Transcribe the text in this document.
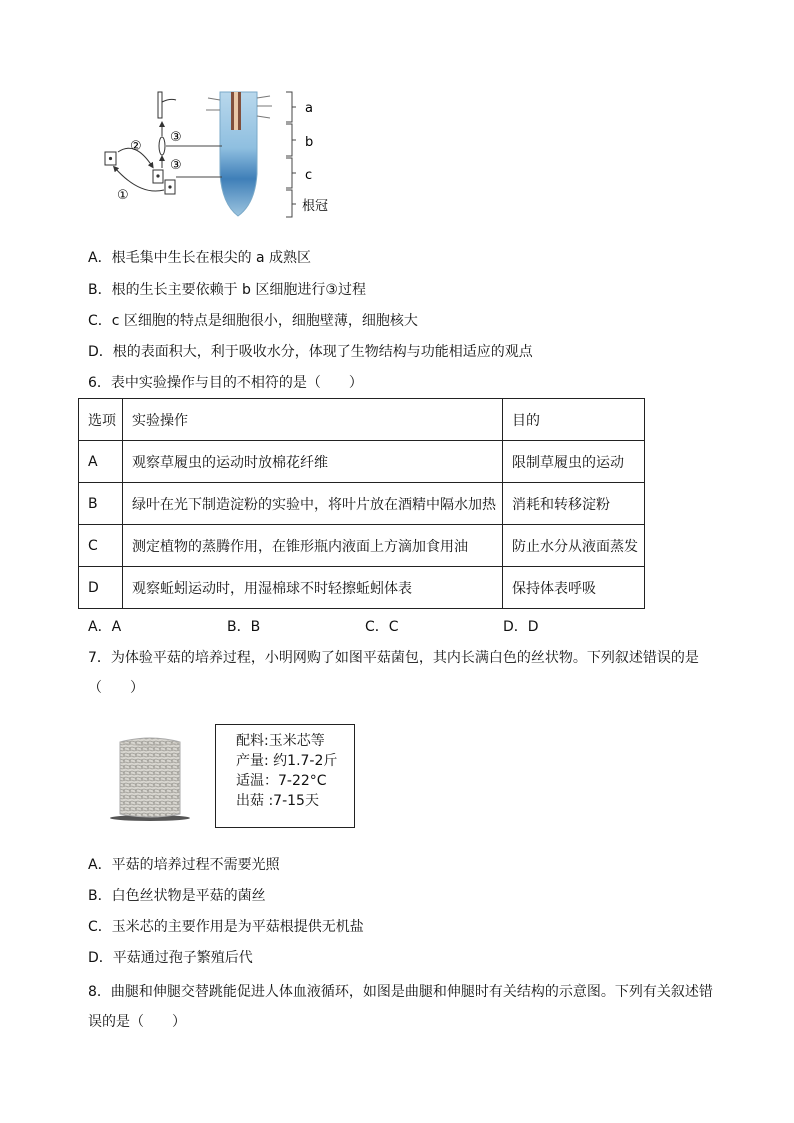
a
b
c
根冠
①
②
③
③
A．根毛集中生长在根尖的 a 成熟区
B．根的生长主要依赖于 b 区细胞进行③过程
C．c 区细胞的特点是细胞很小，细胞壁薄，细胞核大
D．根的表面积大，利于吸收水分，体现了生物结构与功能相适应的观点
6．表中实验操作与目的不相符的是（　　）
选项	实验操作	目的
A	观察草履虫的运动时放棉花纤维	限制草履虫的运动
B	绿叶在光下制造淀粉的实验中，将叶片放在酒精中隔水加热	消耗和转移淀粉
C	测定植物的蒸腾作用，在锥形瓶内液面上方滴加食用油	防止水分从液面蒸发
D	观察蚯蚓运动时，用湿棉球不时轻擦蚯蚓体表	保持体表呼吸
A．A	B．B	C．C	D．D
7．为体验平菇的培养过程，小明网购了如图平菇菌包，其内长满白色的丝状物。下列叙述错误的是
（　　）
配料:玉米芯等
产量: 约1.7-2斤
适温：7-22°C
出菇 :7-15天
A．平菇的培养过程不需要光照
B．白色丝状物是平菇的菌丝
C．玉米芯的主要作用是为平菇根提供无机盐
D．平菇通过孢子繁殖后代
8．曲腿和伸腿交替跳能促进人体血液循环，如图是曲腿和伸腿时有关结构的示意图。下列有关叙述错
误的是（　　）
